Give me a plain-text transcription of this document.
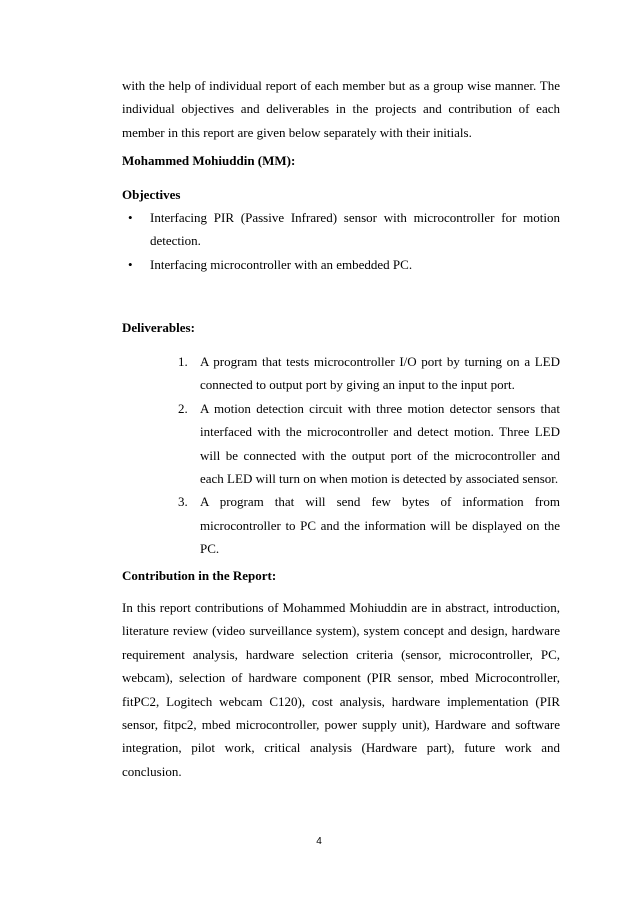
with the help of individual report of each member but as a group wise manner. The individual objectives and deliverables in the projects and contribution of each member in this report are given below separately with their initials.

Mohammed Mohiuddin (MM):

Objectives

• Interfacing PIR (Passive Infrared) sensor with microcontroller for motion detection.
• Interfacing microcontroller with an embedded PC.

Deliverables:

1. A program that tests microcontroller I/O port by turning on a LED connected to output port by giving an input to the input port.
2. A motion detection circuit with three motion detector sensors that interfaced with the microcontroller and detect motion. Three LED will be connected with the output port of the microcontroller and each LED will turn on when motion is detected by associated sensor.
3. A program that will send few bytes of information from microcontroller to PC and the information will be displayed on the PC.

Contribution in the Report:

In this report contributions of Mohammed Mohiuddin are in abstract, introduction, literature review (video surveillance system), system concept and design, hardware requirement analysis, hardware selection criteria (sensor, microcontroller, PC, webcam), selection of hardware component (PIR sensor, mbed Microcontroller, fitPC2, Logitech webcam C120), cost analysis, hardware implementation (PIR sensor, fitpc2, mbed microcontroller, power supply unit), Hardware and software integration, pilot work, critical analysis (Hardware part), future work and conclusion.

4
